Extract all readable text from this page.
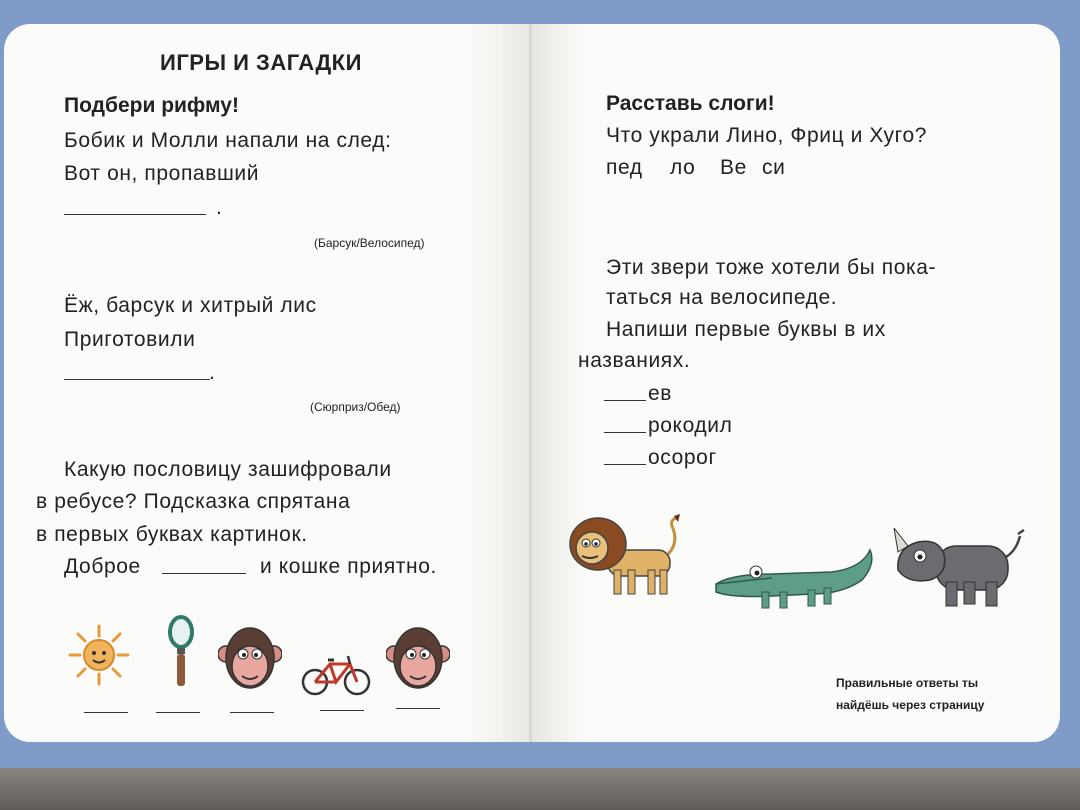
ИГРЫ И ЗАГАДКИ
Подбери рифму!
Бобик и Молли напали на след:
Вот он, пропавший
.
(Барсук/Велосипед)
Ёж, барсук и хитрый лис
Приготовили
.
(Сюрприз/Обед)
Какую пословицу зашифровали
в ребусе? Подсказка спрятана
в первых буквах картинок.
Доброе	и кошке приятно.
Расставь слоги!
Что украли Лино, Фриц и Хуго?
пед ло Ве си
Эти звери тоже хотели бы пока-
таться на велосипеде.
Напиши первые буквы в их
названиях.
ев
рокодил
осорог
Правильные ответы ты
найдёшь через страницу
